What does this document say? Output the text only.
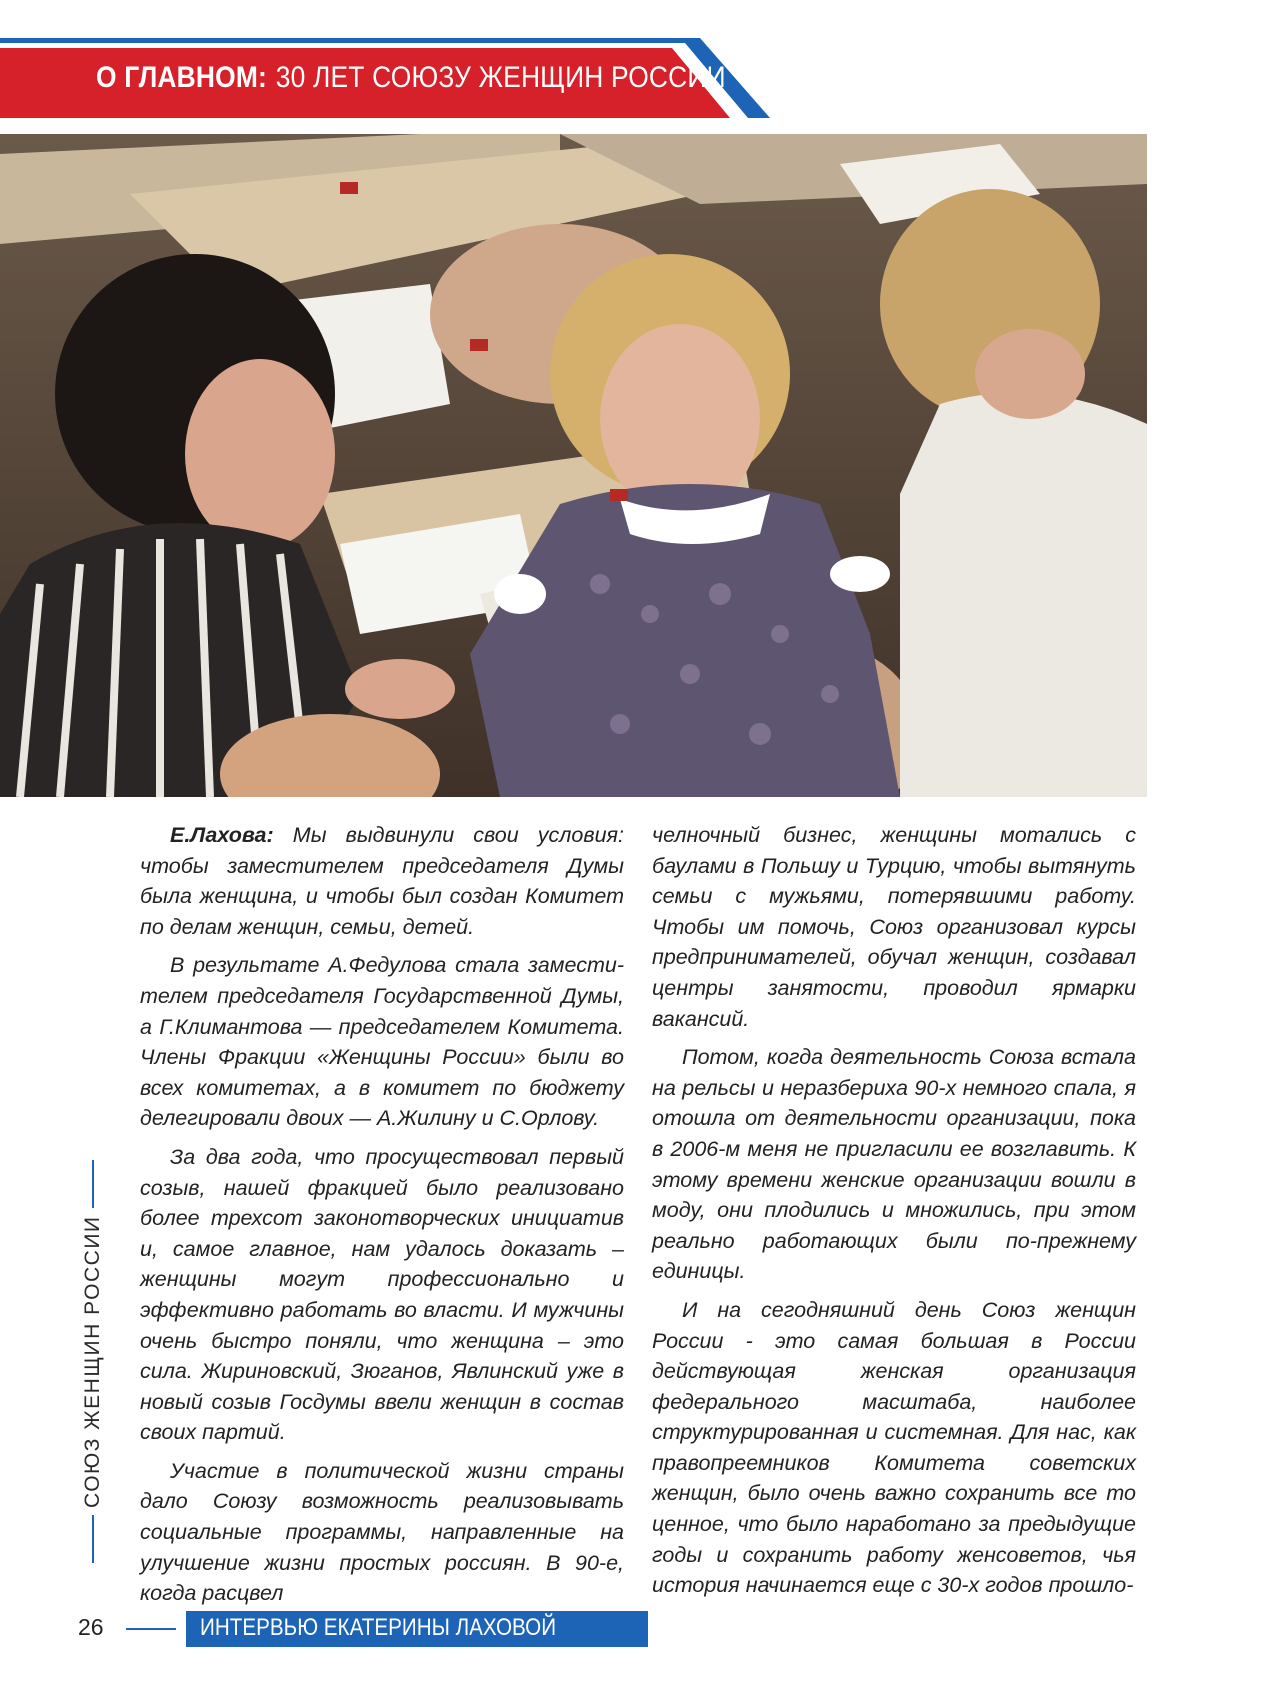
О ГЛАВНОМ: 30 ЛЕТ СОЮЗУ ЖЕНЩИН РОССИИ

Е.Лахова: Мы выдвинули свои условия: чтобы заместителем председателя Думы была женщина, и чтобы был создан Комитет по делам женщин, семьи, детей.

В результате А.Федулова стала заместителем председателя Государственной Думы, а Г.Климантова — председателем Комитета. Члены Фракции «Женщины России» были во всех комитетах, а в комитет по бюджету делегировали двоих — А.Жилину и С.Орлову.

За два года, что просуществовал первый созыв, нашей фракцией было реализовано более трехсот законотворческих инициатив и, самое главное, нам удалось доказать – женщины могут профессионально и эффективно работать во власти. И мужчины очень быстро поняли, что женщина – это сила. Жириновский, Зюганов, Явлинский уже в новый созыв Госдумы ввели женщин в состав своих партий.

Участие в политической жизни страны дало Союзу возможность реализовывать социальные программы, направленные на улучшение жизни простых россиян. В 90-е, когда расцвел

челночный бизнес, женщины мотались с баулами в Польшу и Турцию, чтобы вытянуть семьи с мужьями, потерявшими работу. Чтобы им помочь, Союз организовал курсы предпринимателей, обучал женщин, создавал центры занятости, проводил ярмарки вакансий.

Потом, когда деятельность Союза встала на рельсы и неразбериха 90-х немного спала, я отошла от деятельности организации, пока в 2006-м меня не пригласили ее возглавить. К этому времени женские организации вошли в моду, они плодились и множились, при этом реально работающих были по-прежнему единицы.

И на сегодняшний день Союз женщин России - это самая большая в России действующая женская организация федерального масштаба, наиболее структурированная и системная. Для нас, как правопреемников Комитета советских женщин, было очень важно сохранить все то ценное, что было наработано за предыдущие годы и сохранить работу женсоветов, чья история начинается еще с 30-х годов прошло-

СОЮЗ ЖЕНЩИН РОССИИ
26	ИНТЕРВЬЮ ЕКАТЕРИНЫ ЛАХОВОЙ
